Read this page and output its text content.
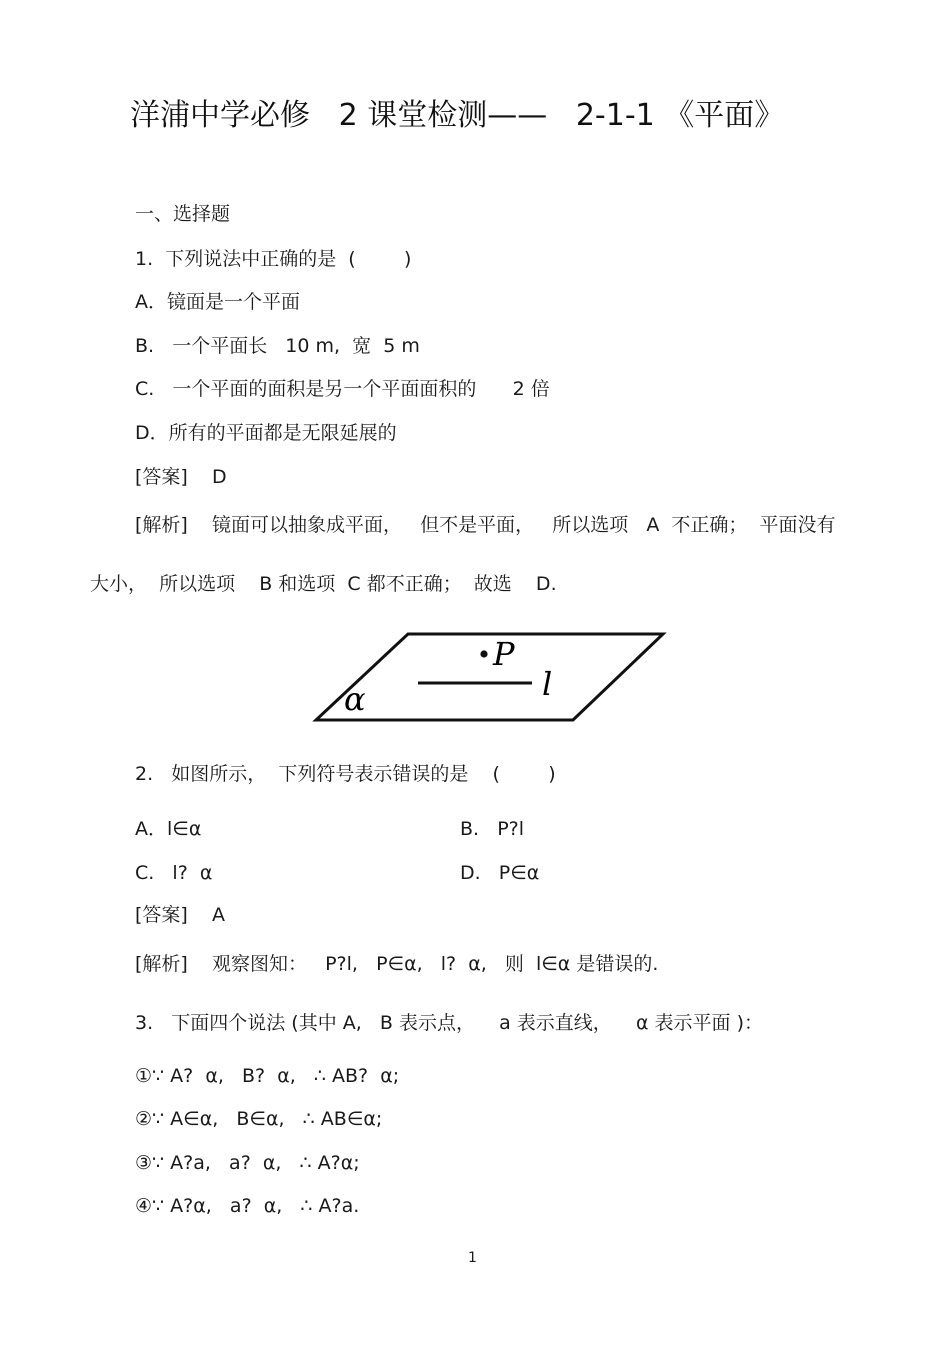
洋浦中学必修   2 课堂检测——   2-1-1 《平面》
一、选择题
1.  下列说法中正确的是  (        )
A．镜面是一个平面
B.   一个平面长   10 m,  宽  5 m
C.   一个平面的面积是另一个平面面积的      2 倍
D．所有的平面都是无限延展的
[答案]    D
[解析]    镜面可以抽象成平面，   但不是平面，   所以选项   A  不正确；  平面没有
大小，  所以选项    B 和选项  C 都不正确；  故选    D.
P
l
α
2.   如图所示，  下列符号表示错误的是    (        )
A．l∈α	B.   P?l
C.   l?  α	D.   P∈α
[答案]    A
[解析]    观察图知：   P?l,   P∈α,   l?  α,   则  l∈α 是错误的.
3.   下面四个说法 (其中 A,   B 表示点，    a 表示直线，    α 表示平面 )：
①∵ A?  α,   B?  α,   ∴ AB?  α;
②∵ A∈α,   B∈α,   ∴ AB∈α;
③∵ A?a,   a?  α,   ∴ A?α;
④∵ A?α,   a?  α,   ∴ A?a.
1
